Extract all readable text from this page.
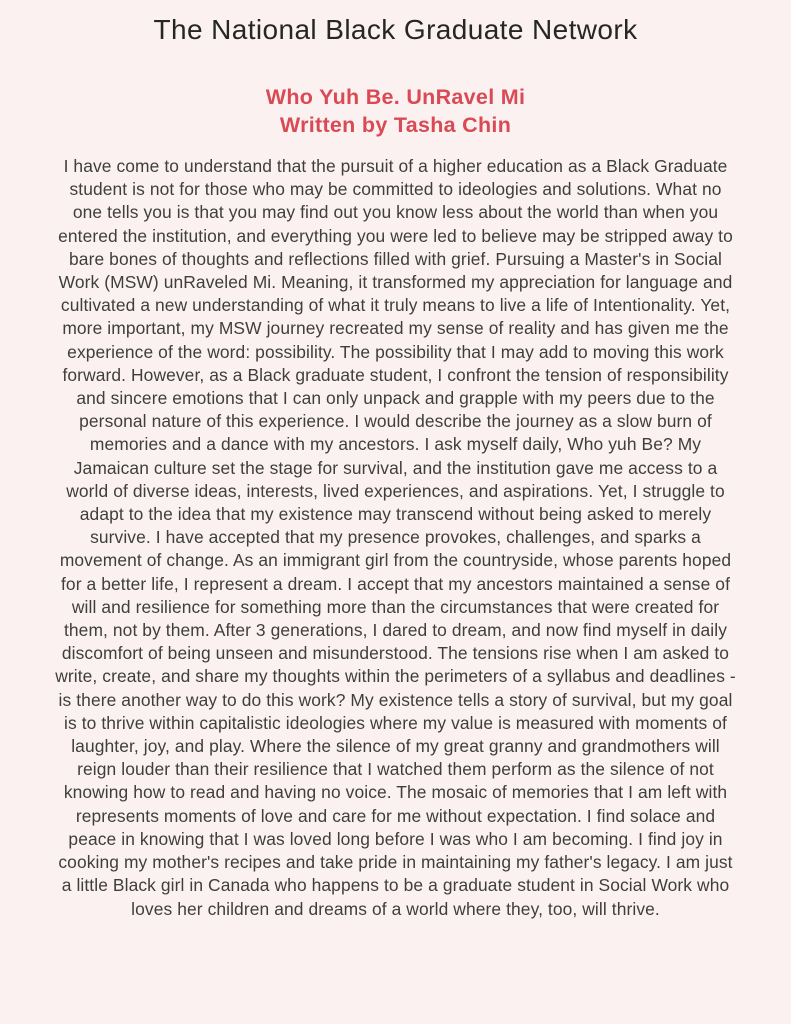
The National Black Graduate Network
Who Yuh Be. UnRavel Mi
Written by Tasha Chin

I have come to understand that the pursuit of a higher education as a Black Graduate student is not for those who may be committed to ideologies and solutions. What no one tells you is that you may find out you know less about the world than when you entered the institution, and everything you were led to believe may be stripped away to bare bones of thoughts and reflections filled with grief. Pursuing a Master's in Social Work (MSW) unRaveled Mi. Meaning, it transformed my appreciation for language and cultivated a new understanding of what it truly means to live a life of Intentionality. Yet, more important, my MSW journey recreated my sense of reality and has given me the experience of the word: possibility. The possibility that I may add to moving this work forward. However, as a Black graduate student, I confront the tension of responsibility and sincere emotions that I can only unpack and grapple with my peers due to the personal nature of this experience. I would describe the journey as a slow burn of memories and a dance with my ancestors. I ask myself daily, Who yuh Be? My Jamaican culture set the stage for survival, and the institution gave me access to a world of diverse ideas, interests, lived experiences, and aspirations. Yet, I struggle to adapt to the idea that my existence may transcend without being asked to merely survive. I have accepted that my presence provokes, challenges, and sparks a movement of change. As an immigrant girl from the countryside, whose parents hoped for a better life, I represent a dream. I accept that my ancestors maintained a sense of will and resilience for something more than the circumstances that were created for them, not by them. After 3 generations, I dared to dream, and now find myself in daily discomfort of being unseen and misunderstood. The tensions rise when I am asked to write, create, and share my thoughts within the perimeters of a syllabus and deadlines - is there another way to do this work? My existence tells a story of survival, but my goal is to thrive within capitalistic ideologies where my value is measured with moments of laughter, joy, and play. Where the silence of my great granny and grandmothers will reign louder than their resilience that I watched them perform as the silence of not knowing how to read and having no voice. The mosaic of memories that I am left with represents moments of love and care for me without expectation. I find solace and peace in knowing that I was loved long before I was who I am becoming. I find joy in cooking my mother's recipes and take pride in maintaining my father's legacy. I am just a little Black girl in Canada who happens to be a graduate student in Social Work who loves her children and dreams of a world where they, too, will thrive.
